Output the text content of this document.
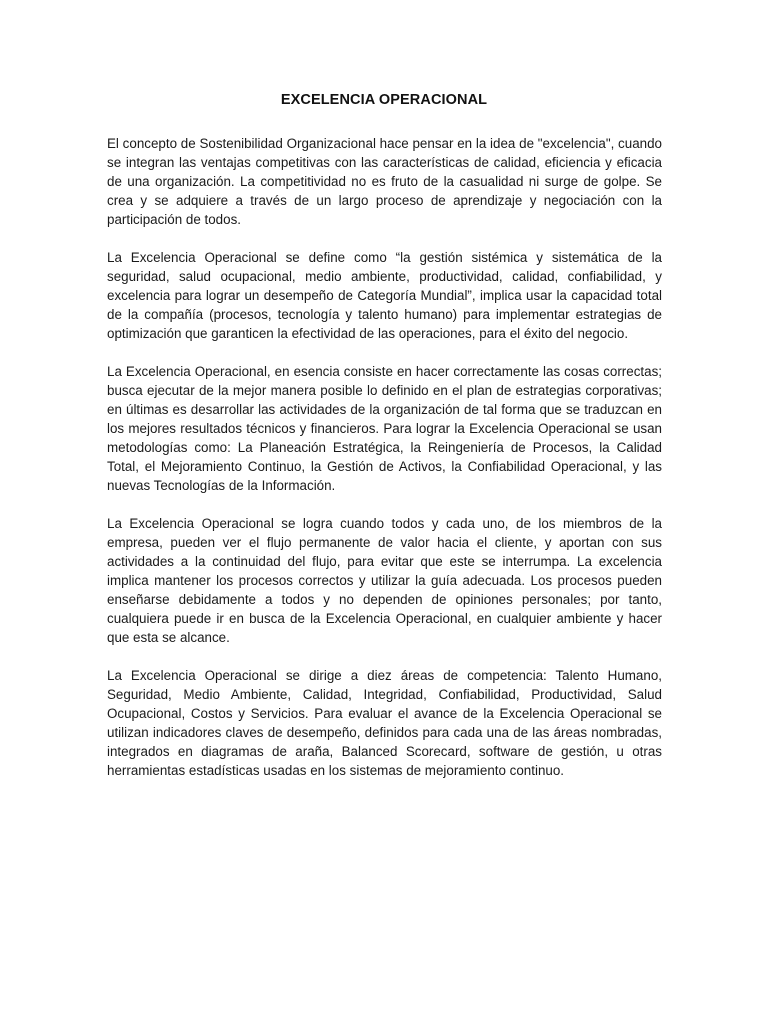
EXCELENCIA OPERACIONAL

El concepto de Sostenibilidad Organizacional hace pensar en la idea de "excelencia", cuando se integran las ventajas competitivas con las características de calidad, eficiencia y eficacia de una organización. La competitividad no es fruto de la casualidad ni surge de golpe. Se crea y se adquiere a través de un largo proceso de aprendizaje y negociación con la participación de todos.

La Excelencia Operacional se define como “la gestión sistémica y sistemática de la seguridad, salud ocupacional, medio ambiente, productividad, calidad, confiabilidad, y excelencia para lograr un desempeño de Categoría Mundial”, implica usar la capacidad total de la compañía (procesos, tecnología y talento humano) para implementar estrategias de optimización que garanticen la efectividad de las operaciones, para el éxito del negocio.

La Excelencia Operacional, en esencia consiste en hacer correctamente las cosas correctas; busca ejecutar de la mejor manera posible lo definido en el plan de estrategias corporativas; en últimas es desarrollar las actividades de la organización de tal forma que se traduzcan en los mejores resultados técnicos y financieros. Para lograr la Excelencia Operacional se usan metodologías como: La Planeación Estratégica, la Reingeniería de Procesos, la Calidad Total, el Mejoramiento Continuo, la Gestión de Activos, la Confiabilidad Operacional, y las nuevas Tecnologías de la Información.

La Excelencia Operacional se logra cuando todos y cada uno, de los miembros de la empresa, pueden ver el flujo permanente de valor hacia el cliente, y aportan con sus actividades a la continuidad del flujo, para evitar que este se interrumpa. La excelencia implica mantener los procesos correctos y utilizar la guía adecuada. Los procesos pueden enseñarse debidamente a todos y no dependen de opiniones personales; por tanto, cualquiera puede ir en busca de la Excelencia Operacional, en cualquier ambiente y hacer que esta se alcance.

La Excelencia Operacional se dirige a diez áreas de competencia: Talento Humano, Seguridad, Medio Ambiente, Calidad, Integridad, Confiabilidad, Productividad, Salud Ocupacional, Costos y Servicios. Para evaluar el avance de la Excelencia Operacional se utilizan indicadores claves de desempeño, definidos para cada una de las áreas nombradas, integrados en diagramas de araña, Balanced Scorecard, software de gestión, u otras herramientas estadísticas usadas en los sistemas de mejoramiento continuo.
